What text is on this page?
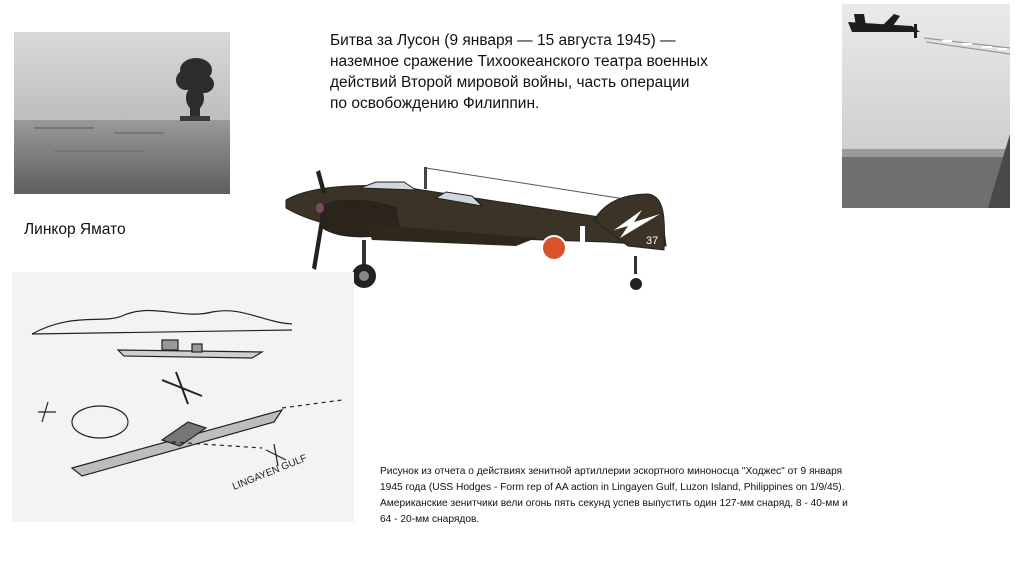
Линкор Ямато
Битва за Лусон (9 января — 15 августа 1945) — наземное сражение Тихоокеанского театра военных действий Второй мировой войны, часть операции по освобождению Филиппин.
37
LINGAYEN GULF	Рисунок из отчета о действиях зенитной артиллерии эскортного миноносца "Ходжес" от 9 января 1945 года (USS Hodges - Form rep of AA action in Lingayen Gulf, Luzon Island, Philippines on 1/9/45). Американские зенитчики вели огонь пять секунд успев выпустить один 127-мм снаряд, 8 - 40-мм и 64 - 20-мм снарядов.
